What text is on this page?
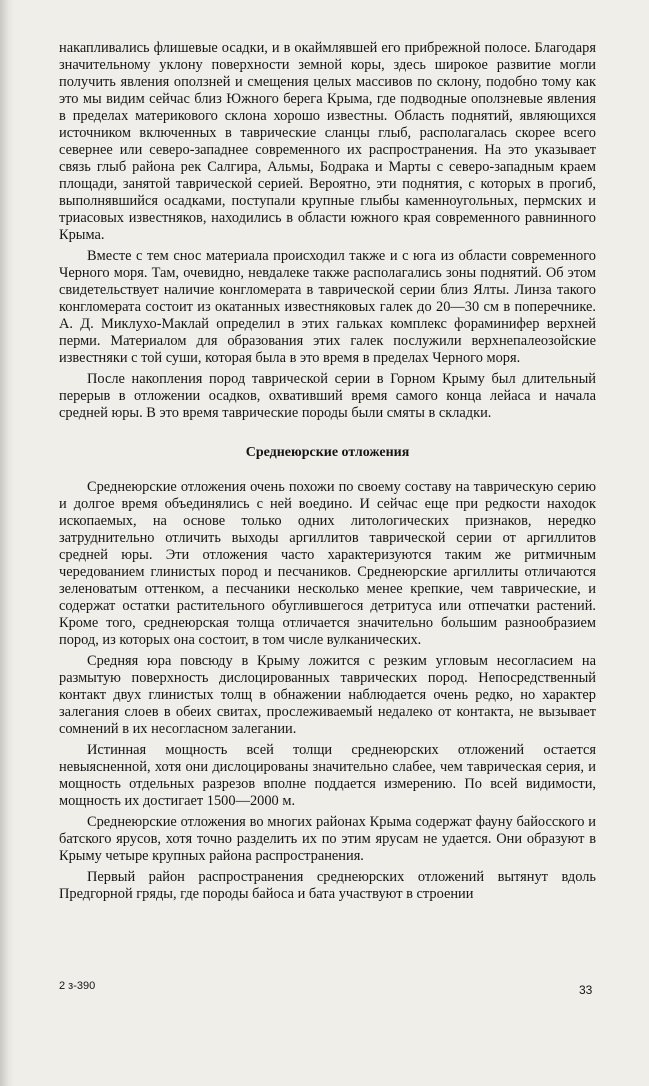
накапливались флишевые осадки, и в окаймлявшей его прибрежной полосе. Благодаря значительному уклону поверхности земной коры, здесь широкое развитие могли получить явления оползней и смещения целых массивов по склону, подобно тому как это мы видим сейчас близ Южного берега Крыма, где подводные оползневые явления в пределах материкового склона хорошо известны. Область поднятий, являющихся источником включенных в таврические сланцы глыб, располагалась скорее всего севернее или северо-западнее современного их распространения. На это указывает связь глыб района рек Салгира, Альмы, Бодрака и Марты с северо-западным краем площади, занятой таврической серией. Вероятно, эти поднятия, с которых в прогиб, выполнявшийся осадками, поступали крупные глыбы каменноугольных, пермских и триасовых известняков, находились в области южного края современного равнинного Крыма.

Вместе с тем снос материала происходил также и с юга из области современного Черного моря. Там, очевидно, невдалеке также располагались зоны поднятий. Об этом свидетельствует наличие конгломерата в таврической серии близ Ялты. Линза такого конгломерата состоит из окатанных известняковых галек до 20—30 см в поперечнике. А. Д. Миклухо-Маклай определил в этих гальках комплекс фораминифер верхней перми. Материалом для образования этих галек послужили верхнепалеозойские известняки с той суши, которая была в это время в пределах Черного моря.

После накопления пород таврической серии в Горном Крыму был длительный перерыв в отложении осадков, охвативший время самого конца лейаса и начала средней юры. В это время таврические породы были смяты в складки.

Среднеюрские отложения

Среднеюрские отложения очень похожи по своему составу на таврическую серию и долгое время объединялись с ней воедино. И сейчас еще при редкости находок ископаемых, на основе только одних литологических признаков, нередко затруднительно отличить выходы аргиллитов таврической серии от аргиллитов средней юры. Эти отложения часто характеризуются таким же ритмичным чередованием глинистых пород и песчаников. Среднеюрские аргиллиты отличаются зеленоватым оттенком, а песчаники несколько менее крепкие, чем таврические, и содержат остатки растительного обуглившегося детритуса или отпечатки растений. Кроме того, среднеюрская толща отличается значительно большим разнообразием пород, из которых она состоит, в том числе вулканических.

Средняя юра повсюду в Крыму ложится с резким угловым несогласием на размытую поверхность дислоцированных таврических пород. Непосредственный контакт двух глинистых толщ в обнажении наблюдается очень редко, но характер залегания слоев в обеих свитах, прослеживаемый недалеко от контакта, не вызывает сомнений в их несогласном залегании.

Истинная мощность всей толщи среднеюрских отложений остается невыясненной, хотя они дислоцированы значительно слабее, чем таврическая серия, и мощность отдельных разрезов вполне поддается измерению. По всей видимости, мощность их достигает 1500—2000 м.

Среднеюрские отложения во многих районах Крыма содержат фауну байосского и батского ярусов, хотя точно разделить их по этим ярусам не удается. Они образуют в Крыму четыре крупных района распространения.

Первый район распространения среднеюрских отложений вытянут вдоль Предгорной гряды, где породы байоса и бата участвуют в строении

2 з-390	33
